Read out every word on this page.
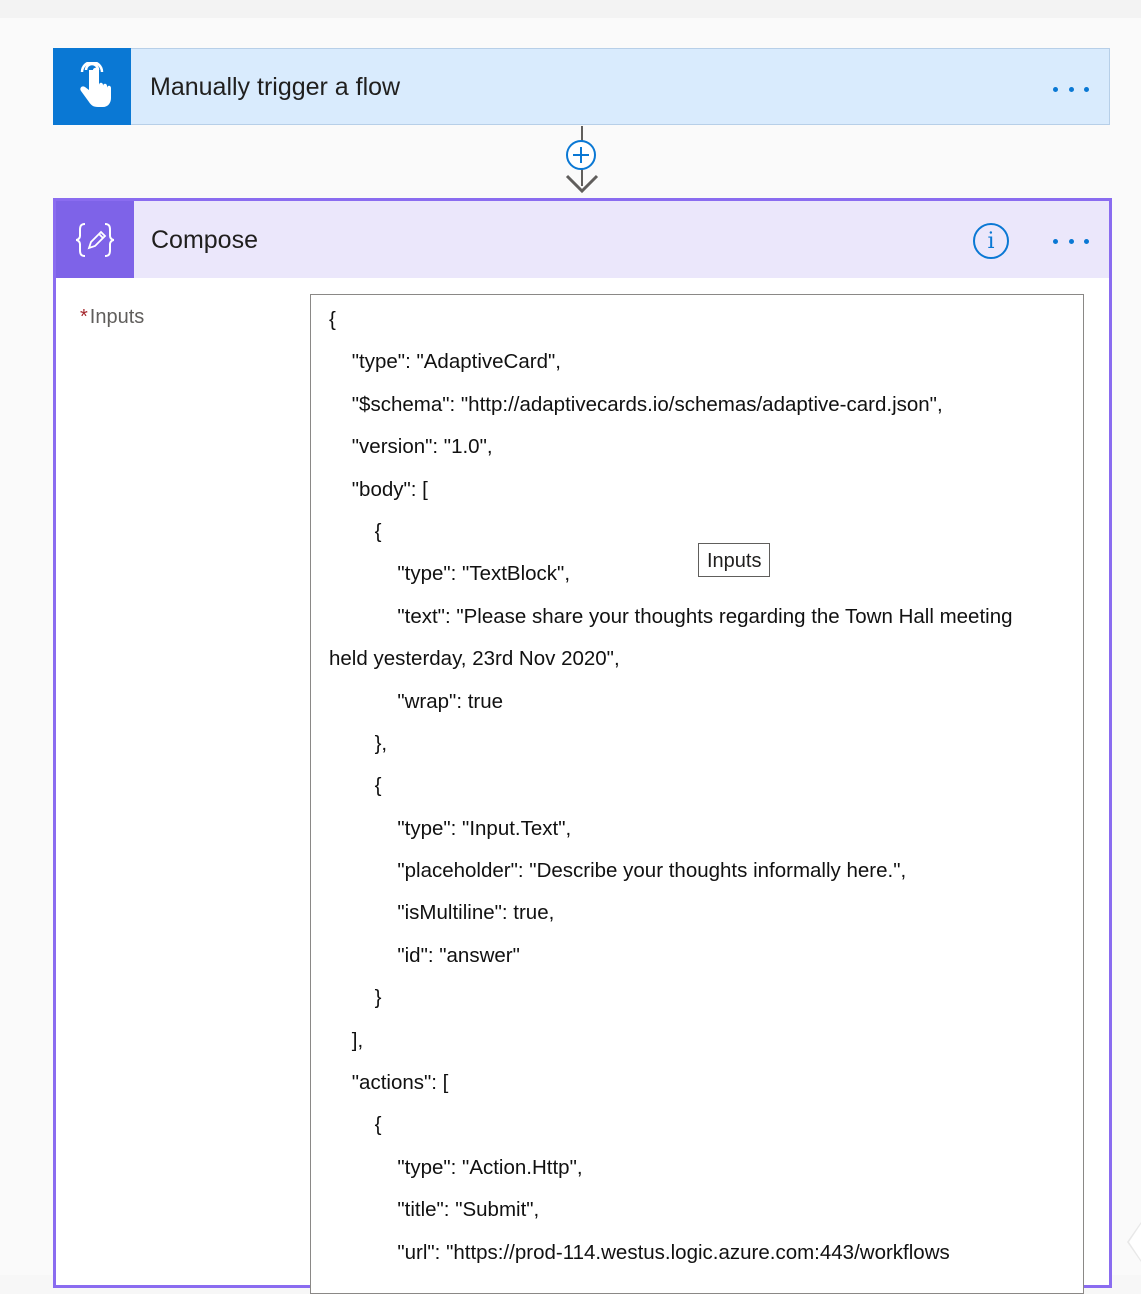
Manually trigger a flow
Compose	i
* Inputs	{
"type": "AdaptiveCard",
"$schema": "http://adaptivecards.io/schemas/adaptive-card.json",
"version": "1.0",
"body": [
{
"type": "TextBlock",
"text": "Please share your thoughts regarding the Town Hall meeting
held yesterday, 23rd Nov 2020",
"wrap": true
},
{
"type": "Input.Text",
"placeholder": "Describe your thoughts informally here.",
"isMultiline": true,
"id": "answer"
}
],
"actions": [
{
"type": "Action.Http",
"title": "Submit",
"url": "https://prod-114.westus.logic.azure.com:443/workflows
Inputs
